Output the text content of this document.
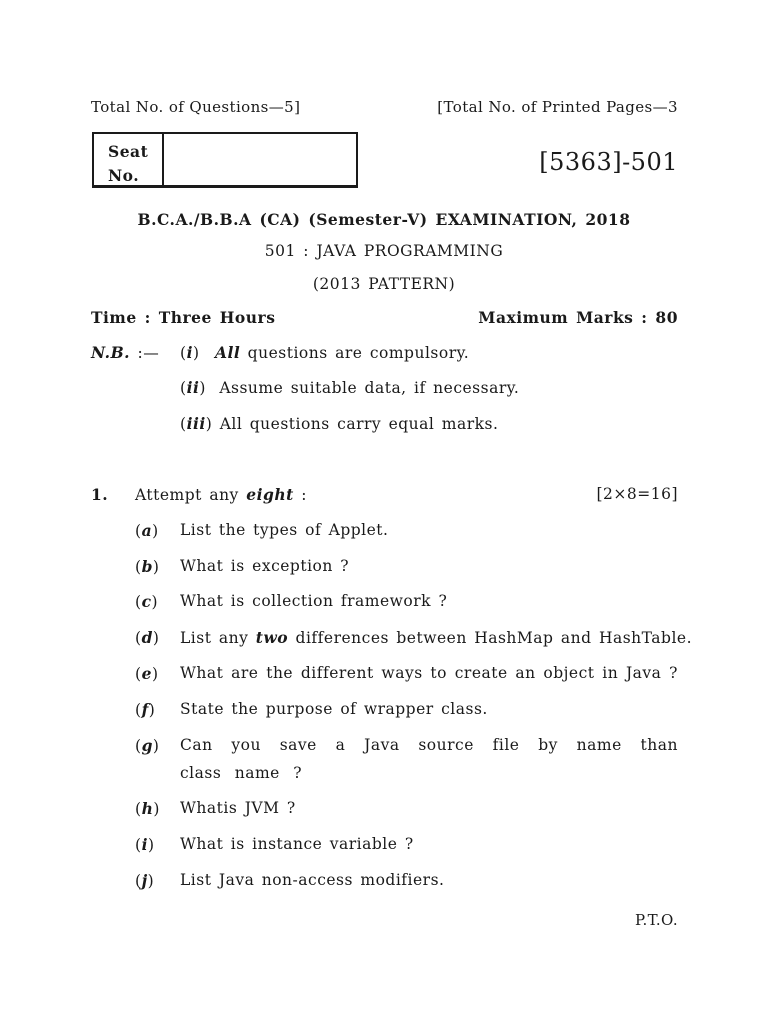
Total No. of Questions—5]	[Total No. of Printed Pages—3
Seat
No.	[5363]-501
B.C.A./B.B.A (CA) (Semester-V) EXAMINATION, 2018
501 : JAVA PROGRAMMING
(2013 PATTERN)
Time : Three Hours	Maximum Marks : 80
N.B. :— (i) All questions are compulsory.
(ii) Assume suitable data, if necessary.
(iii) All questions carry equal marks.
1. Attempt any eight :	[2×8=16]
(a) List the types of Applet.
(b) What is exception ?
(c) What is collection framework ?
(d) List any two differences between HashMap and HashTable.
(e) What are the different ways to create an object in Java ?
(f) State the purpose of wrapper class.
(g) Can you save a Java source file by name than class name ?
(h) Whatis JVM ?
(i) What is instance variable ?
(j) List Java non-access modifiers.
P.T.O.
